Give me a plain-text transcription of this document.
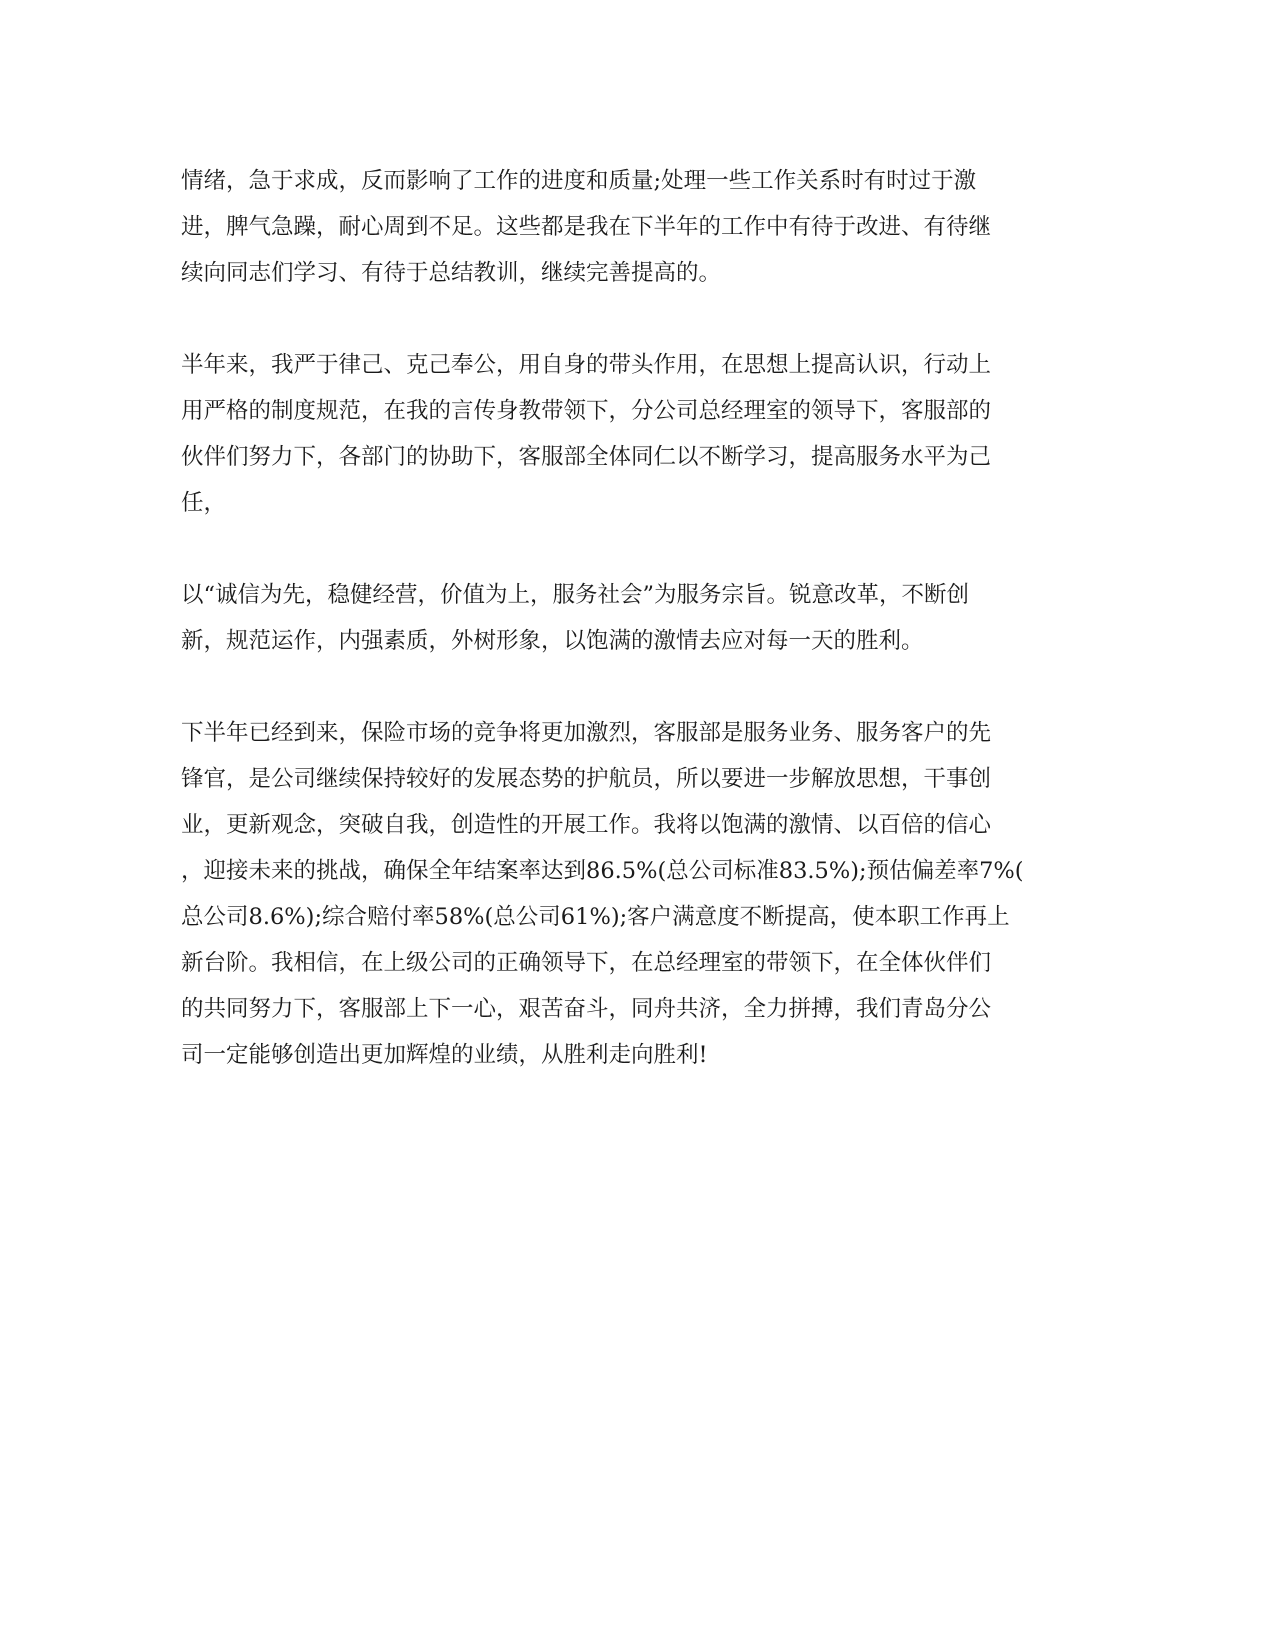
情绪，急于求成，反而影响了工作的进度和质量;处理一些工作关系时有时过于激
进，脾气急躁，耐心周到不足。这些都是我在下半年的工作中有待于改进、有待继
续向同志们学习、有待于总结教训，继续完善提高的。
半年来，我严于律己、克己奉公，用自身的带头作用，在思想上提高认识，行动上
用严格的制度规范，在我的言传身教带领下，分公司总经理室的领导下，客服部的
伙伴们努力下，各部门的协助下，客服部全体同仁以不断学习，提高服务水平为己
任，
以“诚信为先，稳健经营，价值为上，服务社会”为服务宗旨。锐意改革，不断创
新，规范运作，内强素质，外树形象，以饱满的激情去应对每一天的胜利。
下半年已经到来，保险市场的竞争将更加激烈，客服部是服务业务、服务客户的先
锋官，是公司继续保持较好的发展态势的护航员，所以要进一步解放思想，干事创
业，更新观念，突破自我，创造性的开展工作。我将以饱满的激情、以百倍的信心
，迎接未来的挑战，确保全年结案率达到86.5%(总公司标准83.5%);预估偏差率7%(
总公司8.6%);综合赔付率58%(总公司61%);客户满意度不断提高，使本职工作再上
新台阶。我相信，在上级公司的正确领导下，在总经理室的带领下，在全体伙伴们
的共同努力下，客服部上下一心，艰苦奋斗，同舟共济，全力拼搏，我们青岛分公
司一定能够创造出更加辉煌的业绩，从胜利走向胜利!
